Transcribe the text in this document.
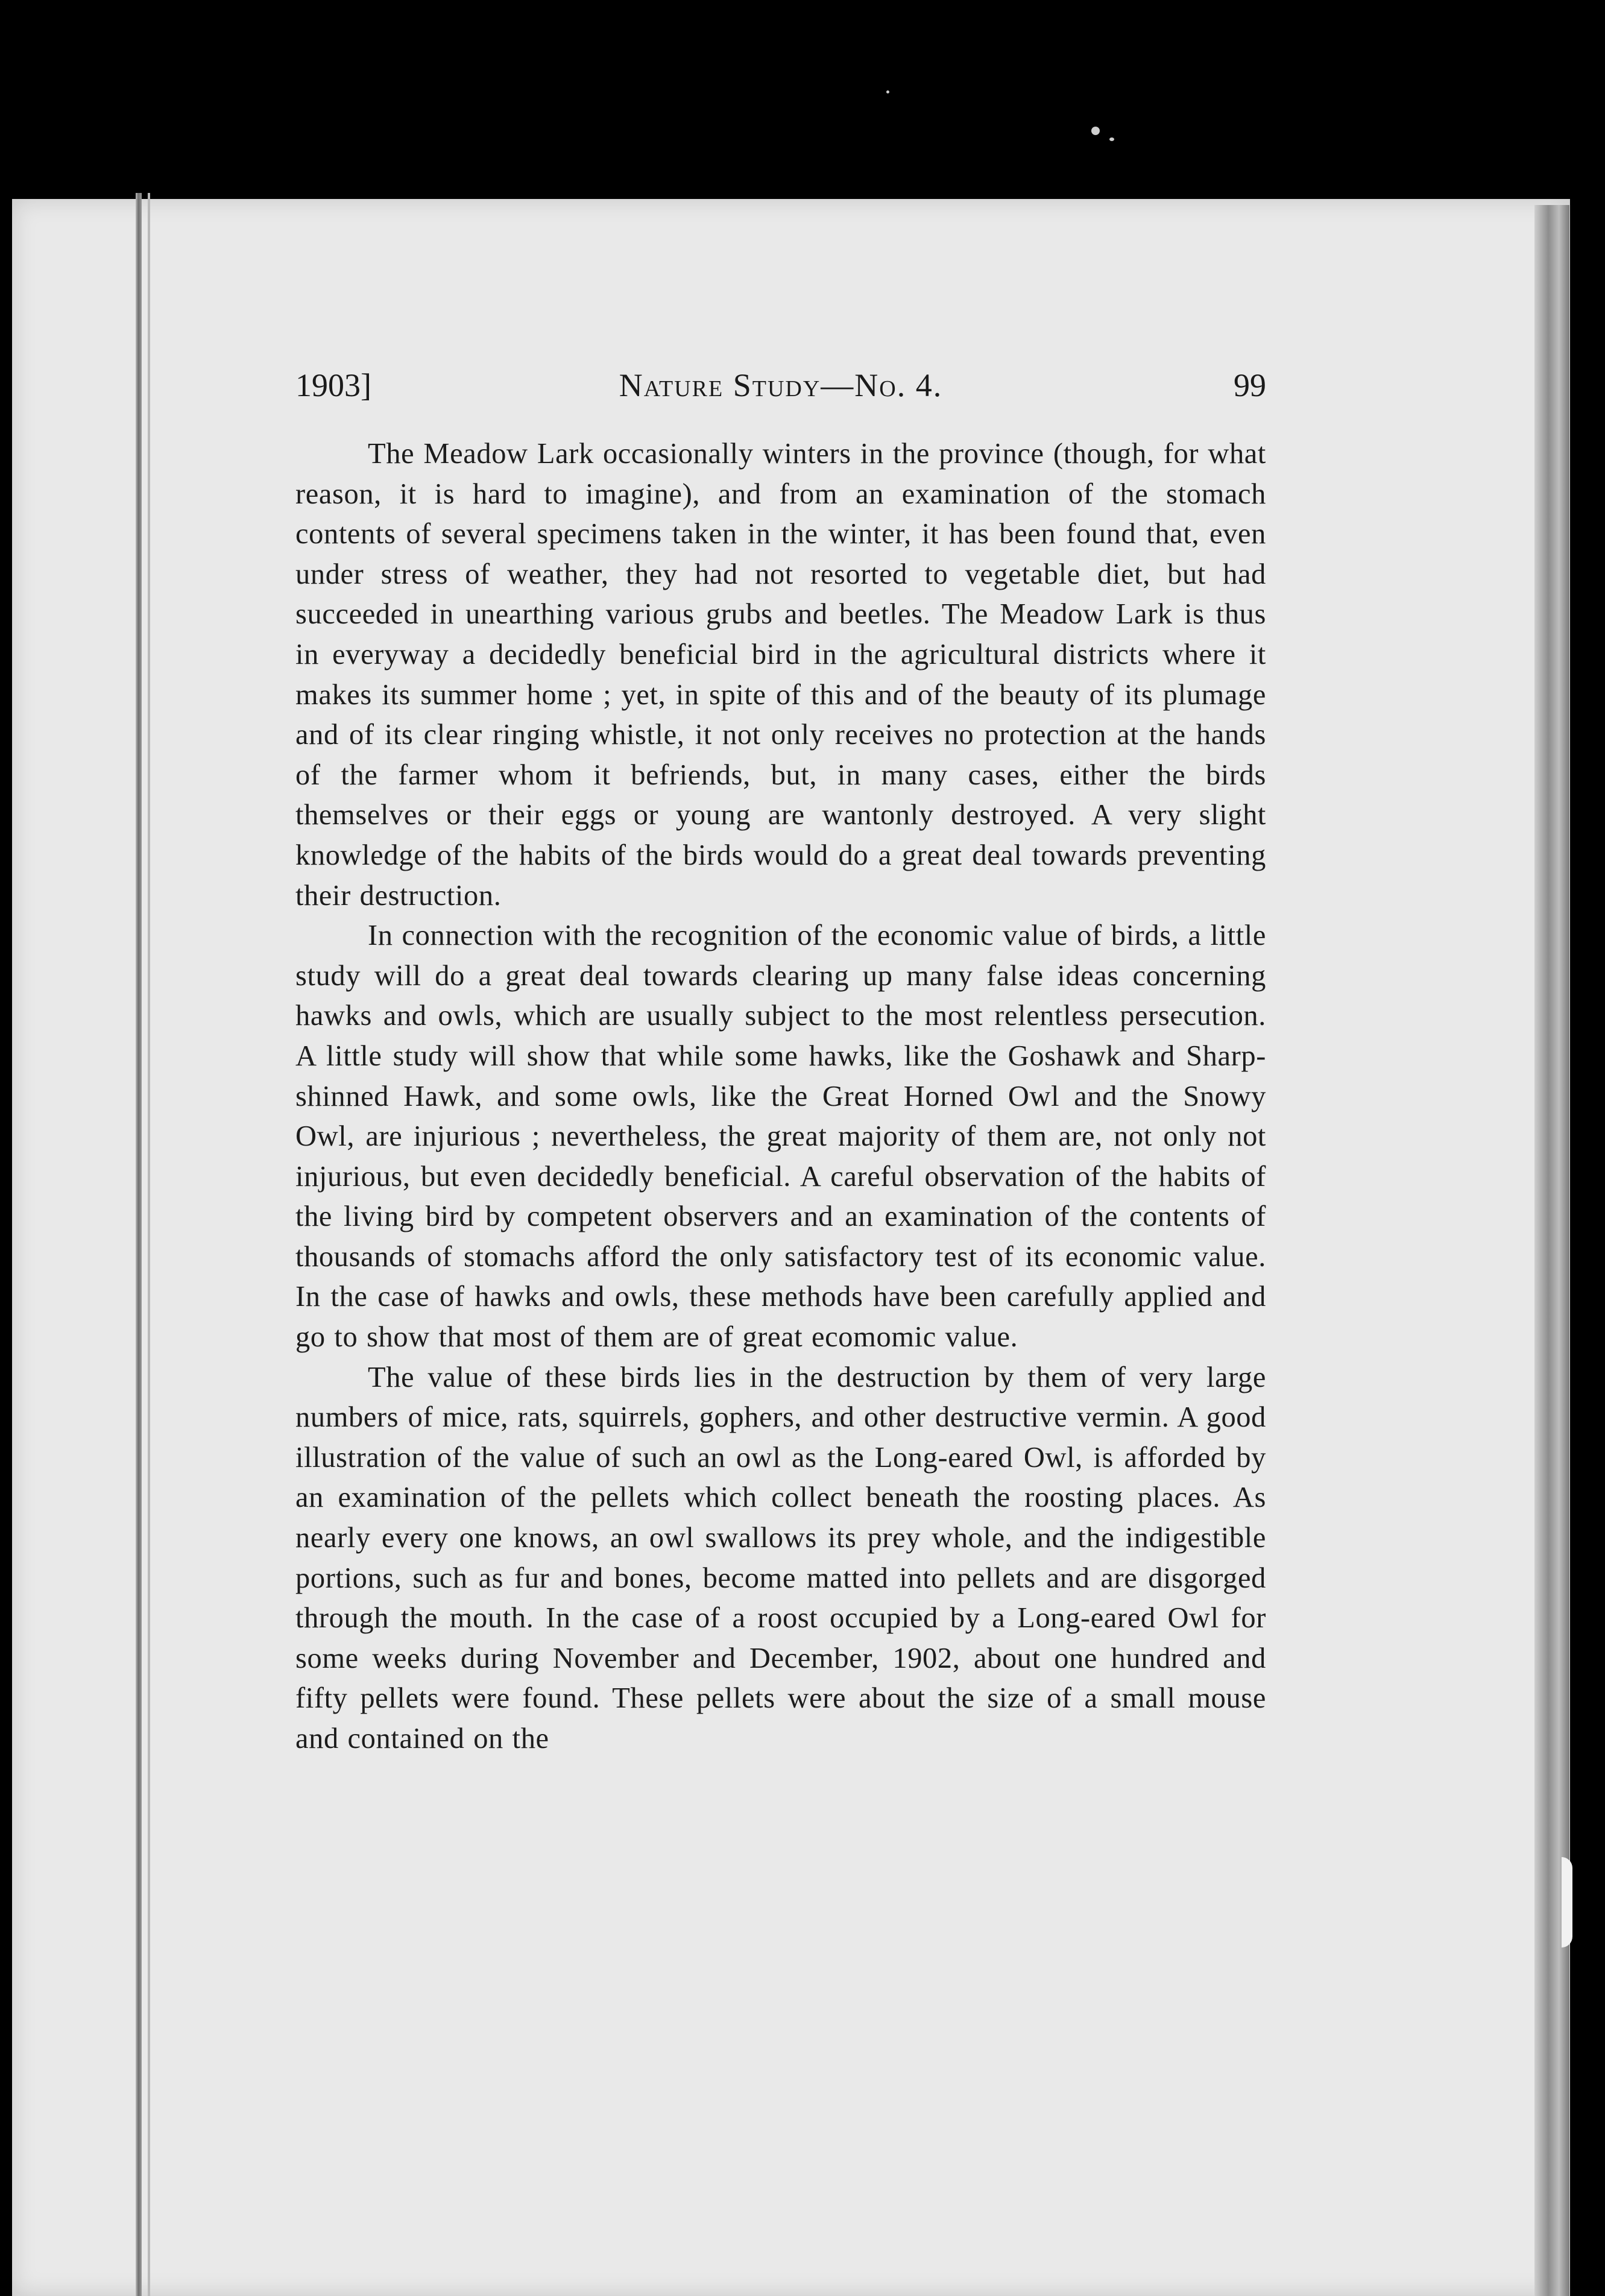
1903]	Nature Study—No. 4.	99

The Meadow Lark occasionally winters in the province (though, for what reason, it is hard to imagine), and from an examination of the stomach contents of several specimens taken in the winter, it has been found that, even under stress of weather, they had not resorted to vegetable diet, but had succeeded in unearthing various grubs and beetles. The Meadow Lark is thus in everyway a decidedly beneficial bird in the agricultural districts where it makes its summer home ; yet, in spite of this and of the beauty of its plumage and of its clear ringing whistle, it not only receives no protection at the hands of the farmer whom it befriends, but, in many cases, either the birds themselves or their eggs or young are wantonly destroyed. A very slight knowledge of the habits of the birds would do a great deal towards preventing their destruction.

In connection with the recognition of the economic value of birds, a little study will do a great deal towards clearing up many false ideas concerning hawks and owls, which are usually subject to the most relentless persecution. A little study will show that while some hawks, like the Goshawk and Sharp-shinned Hawk, and some owls, like the Great Horned Owl and the Snowy Owl, are injurious ; nevertheless, the great majority of them are, not only not injurious, but even decidedly beneficial. A careful observation of the habits of the living bird by competent observers and an examination of the contents of thousands of stomachs afford the only satisfactory test of its economic value. In the case of hawks and owls, these methods have been carefully applied and go to show that most of them are of great ecomomic value.

The value of these birds lies in the destruction by them of very large numbers of mice, rats, squirrels, gophers, and other destructive vermin. A good illustration of the value of such an owl as the Long-eared Owl, is afforded by an examination of the pellets which collect beneath the roosting places. As nearly every one knows, an owl swallows its prey whole, and the indigestible portions, such as fur and bones, become matted into pellets and are disgorged through the mouth. In the case of a roost occupied by a Long-eared Owl for some weeks during November and December, 1902, about one hundred and fifty pellets were found. These pellets were about the size of a small mouse and contained on the
